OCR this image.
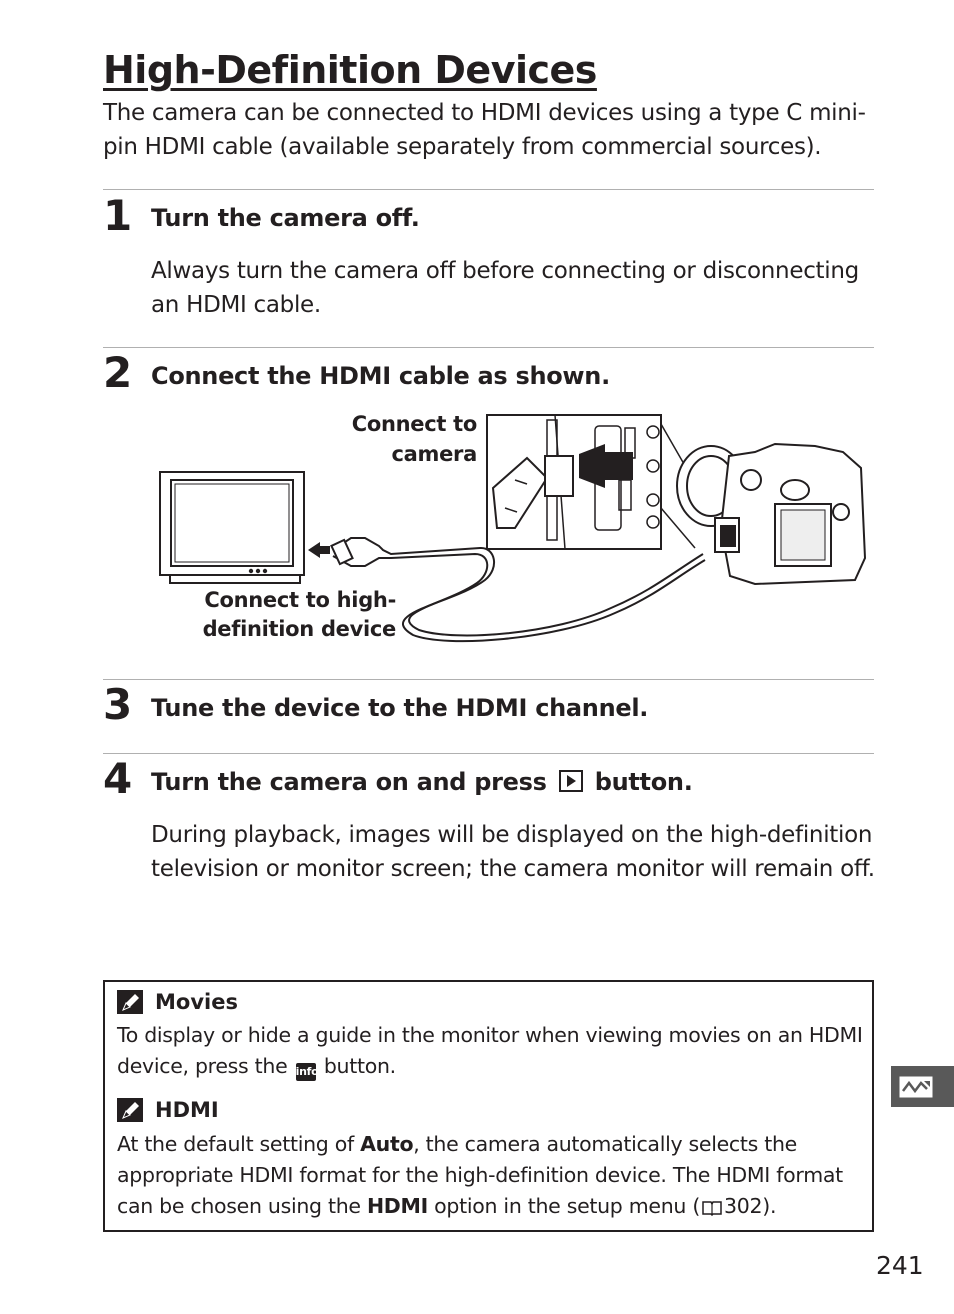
High-Definition Devices
The camera can be connected to HDMI devices using a type C mini-pin HDMI cable (available separately from commercial sources).
1 Turn the camera off.
Always turn the camera off before connecting or disconnecting an HDMI cable.
2 Connect the HDMI cable as shown.
Connect to
camera
Connect to high-
definition device
3 Tune the device to the HDMI channel.
4 Turn the camera on and press button.
During playback, images will be displayed on the high-definition television or monitor screen; the camera monitor will remain off.
Movies
To display or hide a guide in the monitor when viewing movies on an HDMI device, press the info button.
HDMI
At the default setting of Auto, the camera automatically selects the appropriate HDMI format for the high-definition device. The HDMI format can be chosen using the HDMI option in the setup menu ( 302).
241
